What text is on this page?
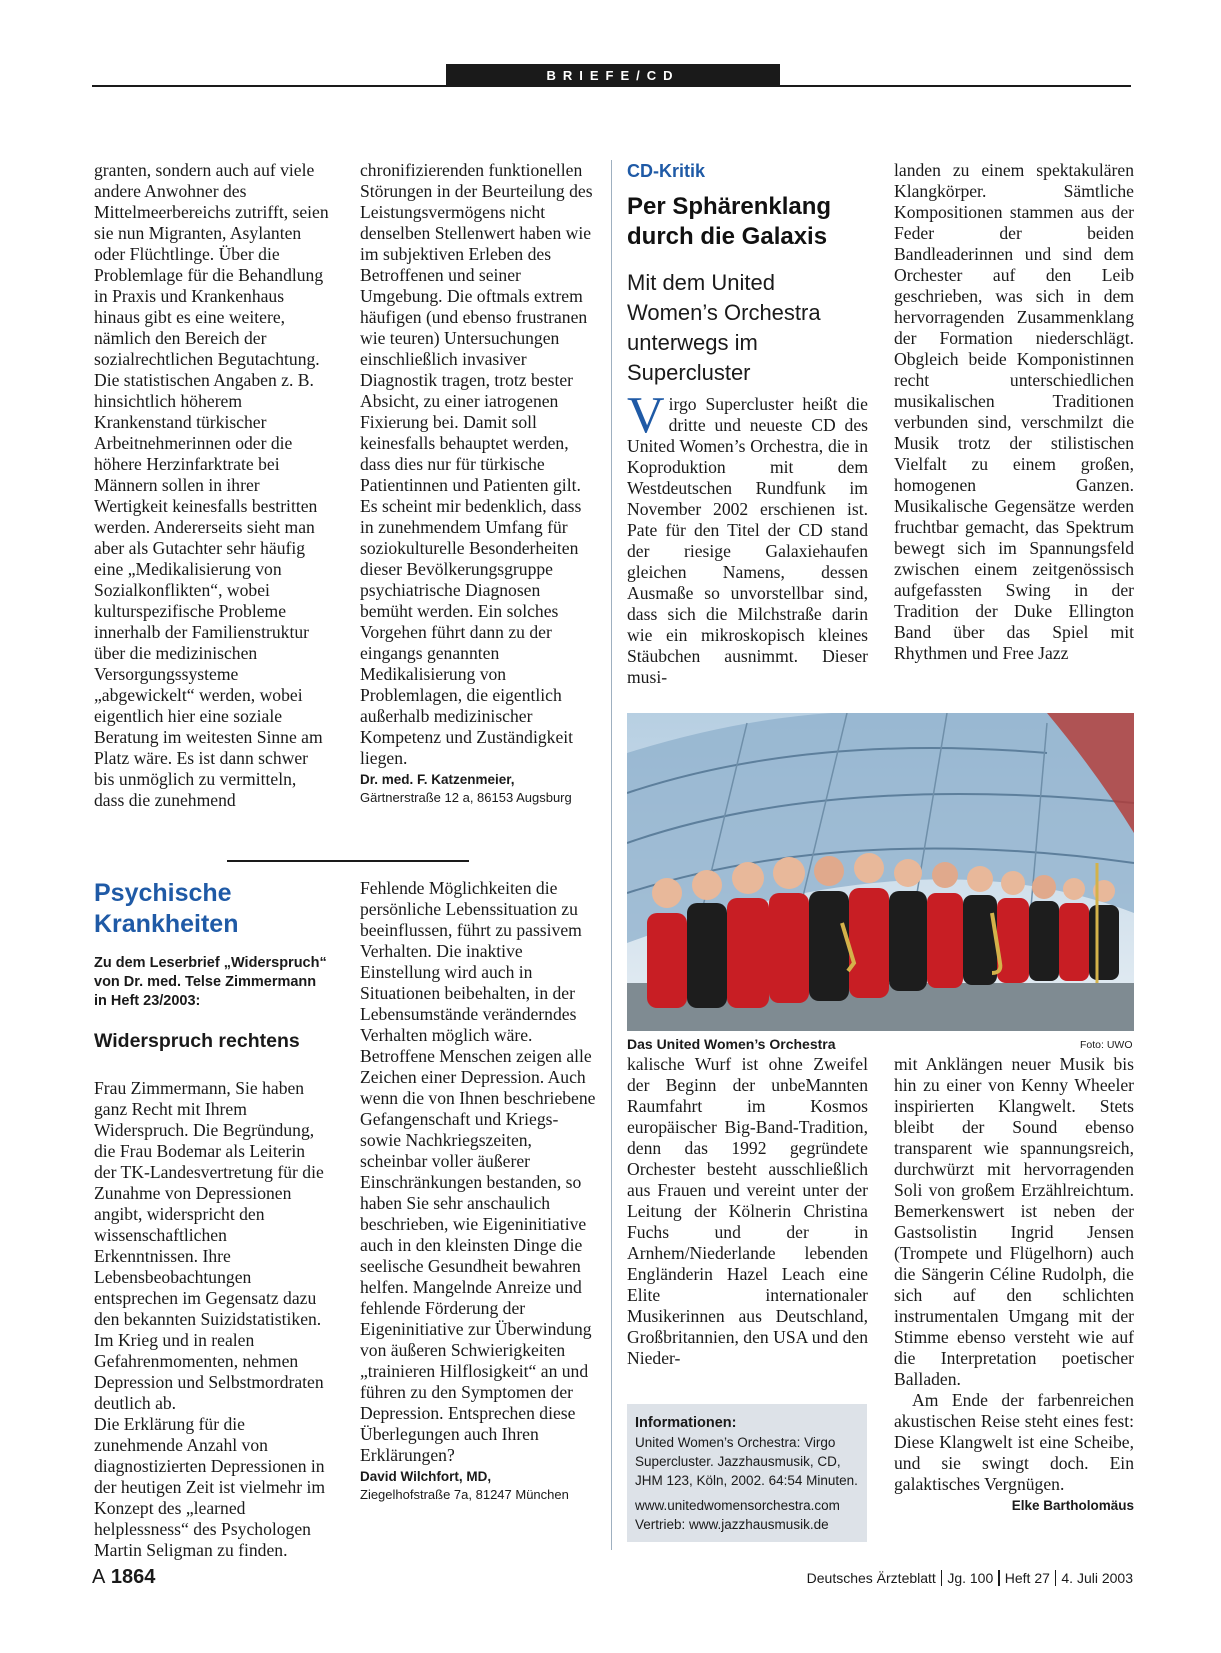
BRIEFE/CD

granten, sondern auch auf viele andere Anwohner des Mittelmeerbereichs zutrifft, seien sie nun Migranten, Asylanten oder Flüchtlinge. Über die Problemlage für die Behandlung in Praxis und Krankenhaus hinaus gibt es eine weitere, nämlich den Bereich der sozialrechtlichen Begutachtung.

Die statistischen Angaben z. B. hinsichtlich höherem Krankenstand türkischer Arbeitnehmerinnen oder die höhere Herzinfarktrate bei Männern sollen in ihrer Wertigkeit keinesfalls bestritten werden. Andererseits sieht man aber als Gutachter sehr häufig eine „Medikalisierung von Sozialkonflikten“, wobei kulturspezifische Probleme innerhalb der Familienstruktur über die medizinischen Versorgungssysteme „abgewickelt“ werden, wobei eigentlich hier eine soziale Beratung im weitesten Sinne am Platz wäre. Es ist dann schwer bis unmöglich zu vermitteln, dass die zunehmend

chronifizierenden funktionellen Störungen in der Beurteilung des Leistungsvermögens nicht denselben Stellenwert haben wie im subjektiven Erleben des Betroffenen und seiner Umgebung. Die oftmals extrem häufigen (und ebenso frustranen wie teuren) Untersuchungen einschließlich invasiver Diagnostik tragen, trotz bester Absicht, zu einer iatrogenen Fixierung bei. Damit soll keinesfalls behauptet werden, dass dies nur für türkische Patientinnen und Patienten gilt. Es scheint mir bedenklich, dass in zunehmendem Umfang für soziokulturelle Besonderheiten dieser Bevölkerungsgruppe psychiatrische Diagnosen bemüht werden. Ein solches Vorgehen führt dann zu der eingangs genannten Medikalisierung von Problemlagen, die eigentlich außerhalb medizinischer Kompetenz und Zuständigkeit liegen.

Dr. med. F. Katzenmeier,
Gärtnerstraße 12 a, 86153 Augsburg
Psychische Krankheiten
Zu dem Leserbrief „Widerspruch“ von Dr. med. Telse Zimmermann in Heft 23/2003:
Widerspruch rechtens

Frau Zimmermann, Sie haben ganz Recht mit Ihrem Widerspruch. Die Begründung, die Frau Bodemar als Leiterin der TK-Landesvertretung für die Zunahme von Depressionen angibt, widerspricht den wissenschaftlichen Erkenntnissen. Ihre Lebensbeobachtungen entsprechen im Gegensatz dazu den bekannten Suizidstatistiken. Im Krieg und in realen Gefahrenmomenten, nehmen Depression und Selbstmordraten deutlich ab.

Die Erklärung für die zunehmende Anzahl von diagnostizierten Depressionen in der heutigen Zeit ist vielmehr im Konzept des „learned helplessness“ des Psychologen Martin Seligman zu finden.

Fehlende Möglichkeiten die persönliche Lebenssituation zu beeinflussen, führt zu passivem Verhalten. Die inaktive Einstellung wird auch in Situationen beibehalten, in der Lebensumstände veränderndes Verhalten möglich wäre. Betroffene Menschen zeigen alle Zeichen einer Depression. Auch wenn die von Ihnen beschriebene Gefangenschaft und Kriegs- sowie Nachkriegszeiten, scheinbar voller äußerer Einschränkungen bestanden, so haben Sie sehr anschaulich beschrieben, wie Eigeninitiative auch in den kleinsten Dinge die seelische Gesundheit bewahren helfen. Mangelnde Anreize und fehlende Förderung der Eigeninitiative zur Überwindung von äußeren Schwierigkeiten „trainieren Hilflosigkeit“ an und führen zu den Symptomen der Depression. Entsprechen diese Überlegungen auch Ihren Erklärungen?

David Wilchfort, MD,
Ziegelhofstraße 7a, 81247 München
CD-Kritik
Per Sphärenklang durch die Galaxis
Mit dem United Women’s Orchestra unterwegs im Supercluster

Virgo Supercluster heißt die dritte und neueste CD des United Women’s Orchestra, die in Koproduktion mit dem Westdeutschen Rundfunk im November 2002 erschienen ist. Pate für den Titel der CD stand der riesige Galaxiehaufen gleichen Namens, dessen Ausmaße so unvorstellbar sind, dass sich die Milchstraße darin wie ein mikroskopisch kleines Stäubchen ausnimmt. Dieser musi-

landen zu einem spektakulären Klangkörper. Sämtliche Kompositionen stammen aus der Feder der beiden Bandleaderinnen und sind dem Orchester auf den Leib geschrieben, was sich in dem hervorragenden Zusammenklang der Formation niederschlägt. Obgleich beide Komponistinnen recht unterschiedlichen musikalischen Traditionen verbunden sind, verschmilzt die Musik trotz der stilistischen Vielfalt zu einem großen, homogenen Ganzen. Musikalische Gegensätze werden fruchtbar gemacht, das Spektrum bewegt sich im Spannungsfeld zwischen einem zeitgenössisch aufgefassten Swing in der Tradition der Duke Ellington Band über das Spiel mit Rhythmen und Free Jazz

Das United Women’s Orchestra	Foto: UWO

kalische Wurf ist ohne Zweifel der Beginn der unbeMannten Raumfahrt im Kosmos europäischer Big-Band-Tradition, denn das 1992 gegründete Orchester besteht ausschließlich aus Frauen und vereint unter der Leitung der Kölnerin Christina Fuchs und der in Arnhem/Niederlande lebenden Engländerin Hazel Leach eine Elite internationaler Musikerinnen aus Deutschland, Großbritannien, den USA und den Nieder-

mit Anklängen neuer Musik bis hin zu einer von Kenny Wheeler inspirierten Klangwelt. Stets bleibt der Sound ebenso transparent wie spannungsreich, durchwürzt mit hervorragenden Soli von großem Erzählreichtum. Bemerkenswert ist neben der Gastsolistin Ingrid Jensen (Trompete und Flügelhorn) auch die Sängerin Céline Rudolph, die sich auf den schlichten instrumentalen Umgang mit der Stimme ebenso versteht wie auf die Interpretation poetischer Balladen.

Am Ende der farbenreichen akustischen Reise steht eines fest: Diese Klangwelt ist eine Scheibe, und sie swingt doch. Ein galaktisches Vergnügen.
Elke Bartholomäus

Informationen:

United Women’s Orchestra: Virgo Supercluster. Jazzhausmusik, CD, JHM 123, Köln, 2002. 64:54 Minuten.

www.unitedwomensorchestra.com

Vertrieb: www.jazzhausmusik.de

A 1864	Deutsches Ärzteblatt Jg. 100 Heft 27 4. Juli 2003
